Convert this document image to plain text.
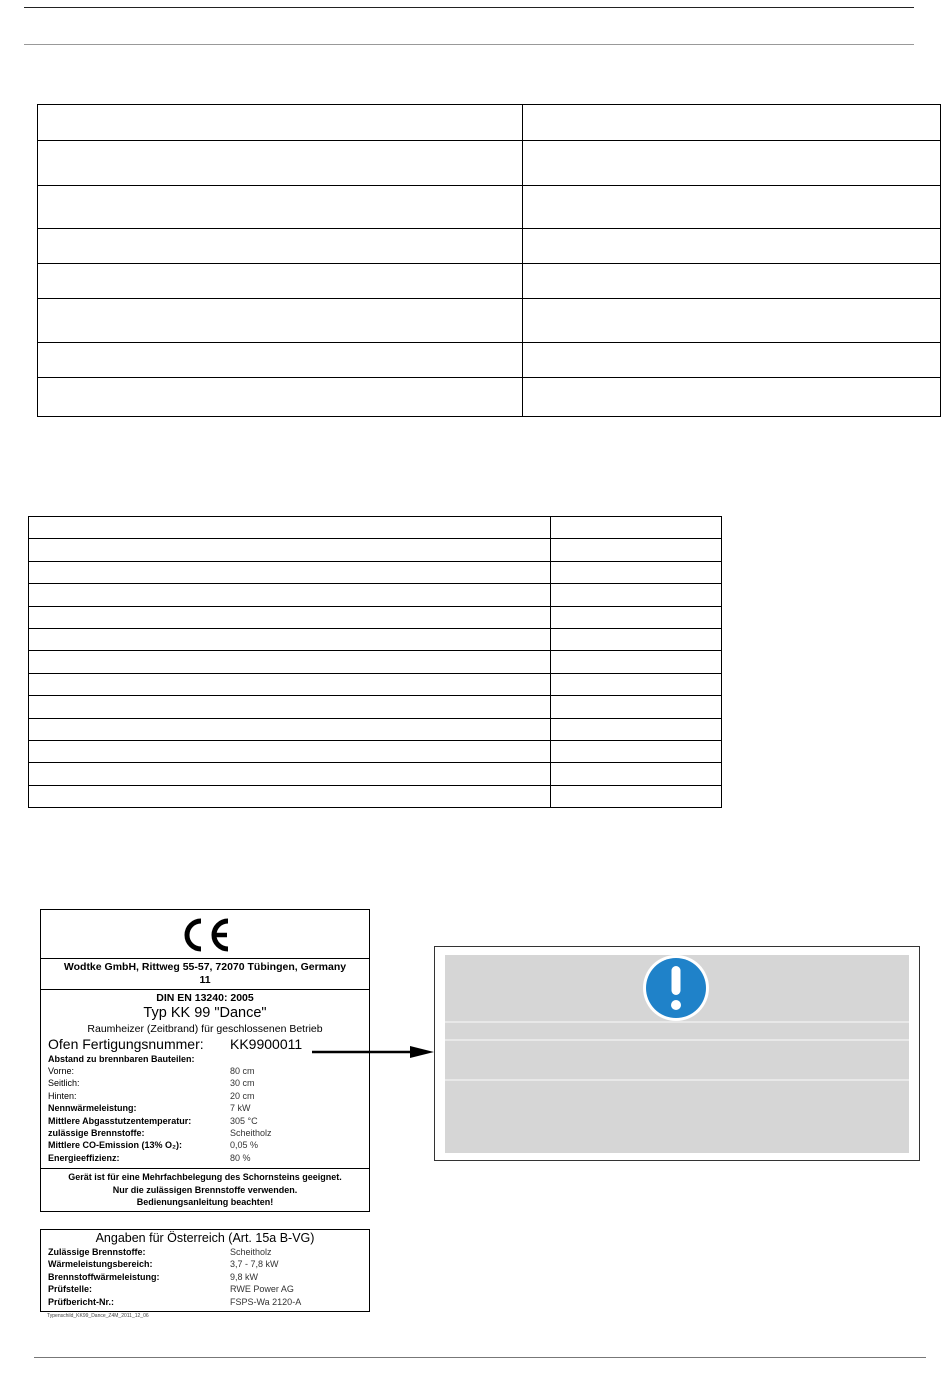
Wodtke GmbH, Rittweg 55-57, 72070 Tübingen, Germany
11
DIN EN 13240: 2005
Typ KK 99 "Dance"
Raumheizer (Zeitbrand) für geschlossenen Betrieb
Ofen Fertigungsnummer: KK9900011
Abstand zu brennbaren Bauteilen:
Vorne:	80 cm
Seitlich:	30 cm
Hinten:	20 cm
Nennwärmeleistung:	7 kW
Mittlere Abgasstutzentemperatur:	305 °C
zulässige Brennstoffe:	Scheitholz
Mittlere CO-Emission (13% O₂):	0,05 %
Energieeffizienz:	80 %
Gerät ist für eine Mehrfachbelegung des Schornsteins geeignet.
Nur die zulässigen Brennstoffe verwenden.
Bedienungsanleitung beachten!
Angaben für Österreich (Art. 15a B-VG)
Zulässige Brennstoffe:	Scheitholz
Wärmeleistungsbereich:	3,7 - 7,8 kW
Brennstoffwärmeleistung:	9,8 kW
Prüfstelle:	RWE Power AG
Prüfbericht-Nr.:	FSPS-Wa 2120-A
Typenschild_KK99_Dance_Z4M_2011_12_06
